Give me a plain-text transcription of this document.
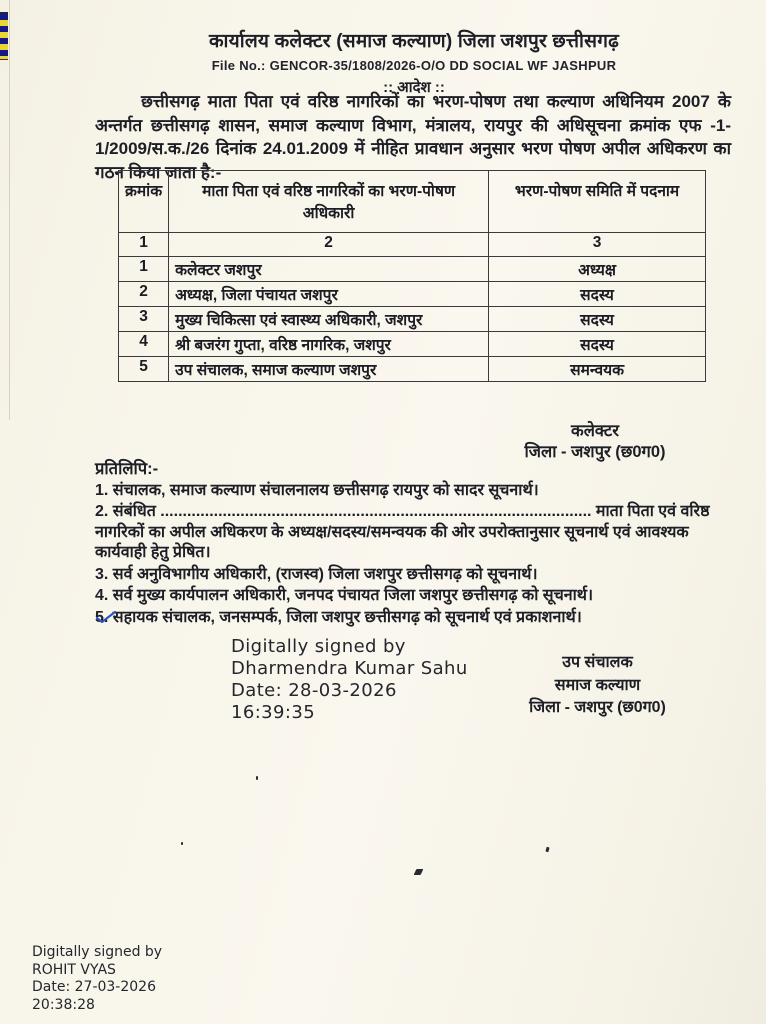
कार्यालय कलेक्टर (समाज कल्याण) जिला जशपुर छत्तीसगढ़
File No.: GENCOR-35/1808/2026-O/O DD SOCIAL WF JASHPUR
:: आदेश ::
छत्तीसगढ़ माता पिता एवं वरिष्ठ नागरिकों का भरण-पोषण तथा कल्याण अधिनियम 2007 के अन्तर्गत छत्तीसगढ़ शासन, समाज कल्याण विभाग, मंत्रालय, रायपुर की अधिसूचना क्रमांक एफ -1-1/2009/स.क./26 दिनांक 24.01.2009 में नीहित प्रावधान अनुसार भरण पोषण अपील अधिकरण का गठन किया जाता है:-
क्रमांक	माता पिता एवं वरिष्ठ नागरिकों का भरण-पोषण अधिकारी	भरण-पोषण समिति में पदनाम
1	2	3
1	कलेक्टर जशपुर	अध्यक्ष
2	अध्यक्ष, जिला पंचायत जशपुर	सदस्य
3	मुख्य चिकित्सा एवं स्वास्थ्य अधिकारी, जशपुर	सदस्य
4	श्री बजरंग गुप्ता, वरिष्ठ नागरिक, जशपुर	सदस्य
5	उप संचालक, समाज कल्याण जशपुर	समन्वयक
कलेक्टर
जिला - जशपुर (छ0ग0)
प्रतिलिपि:-
1. संचालक, समाज कल्याण संचालनालय छत्तीसगढ़ रायपुर को सादर सूचनार्थ।
2. संबंधित ................................................................................................. माता पिता एवं वरिष्ठ नागरिकों का अपील अधिकरण के अध्यक्ष/सदस्य/समन्वयक की ओर उपरोक्तानुसार सूचनार्थ एवं आवश्यक कार्यवाही हेतु प्रेषित।
3. सर्व अनुविभागीय अधिकारी, (राजस्व) जिला जशपुर छत्तीसगढ़ को सूचनार्थ।
4. सर्व मुख्य कार्यपालन अधिकारी, जनपद पंचायत जिला जशपुर छत्तीसगढ़ को सूचनार्थ।
5. सहायक संचालक, जनसम्पर्क, जिला जशपुर छत्तीसगढ़ को सूचनार्थ एवं प्रकाशनार्थ।
Digitally signed by
Dharmendra Kumar Sahu
Date: 28-03-2026
16:39:35
उप संचालक
समाज कल्याण
जिला - जशपुर (छ0ग0)
Digitally signed by
ROHIT VYAS
Date: 27-03-2026
20:38:28
